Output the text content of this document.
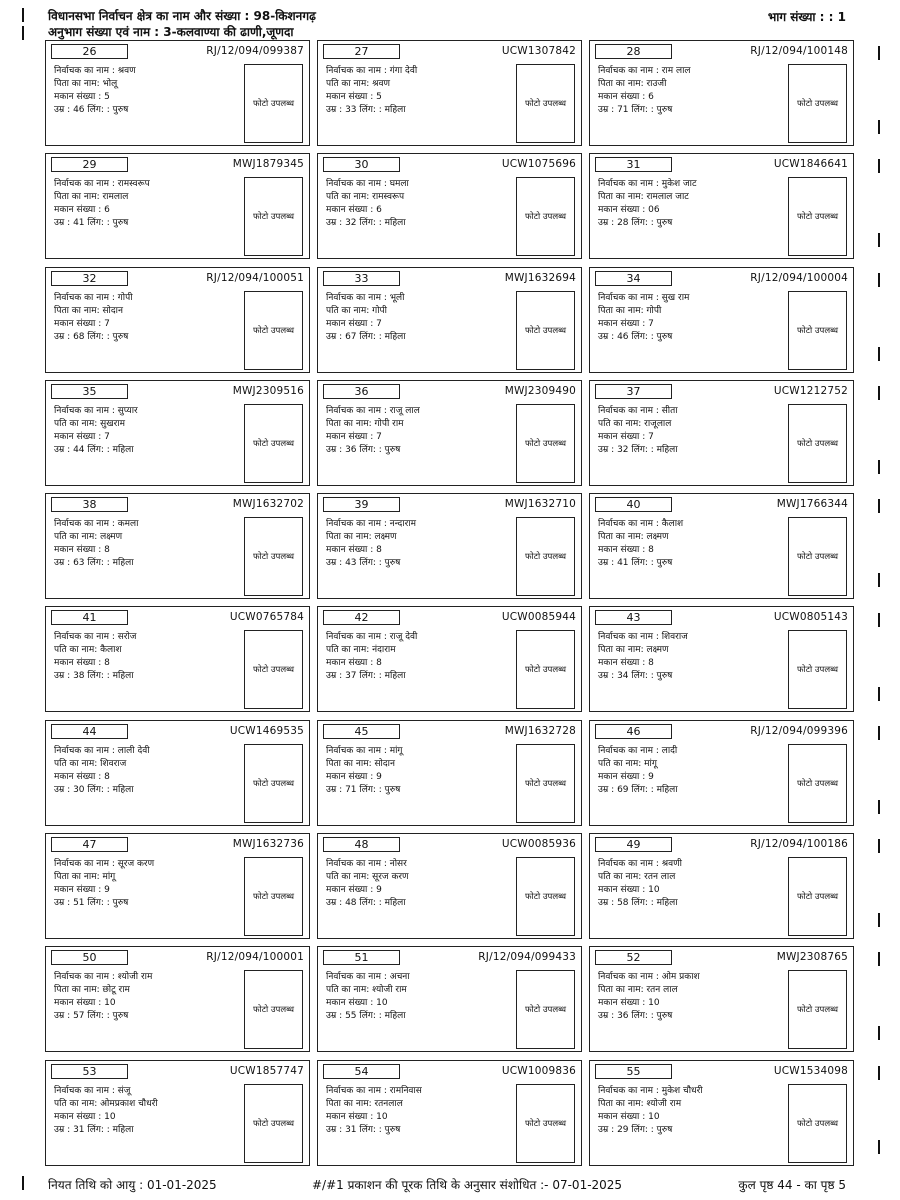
विधानसभा निर्वाचन क्षेत्र का नाम और संख्या : 98-किशनगढ़
अनुभाग संख्या एवं नाम : 3-कलवाण्या की ढाणी,जूणदा
भाग संख्या : : 1
26	RJ/12/094/099387
निर्वाचक का नाम : श्रवण
पिता का नाम: भोलू
मकान संख्या : 5
उम्र : 46 लिंग: : पुरुष
फोटो उपलब्ध
27	UCW1307842
निर्वाचक का नाम : गंगा देवी
पति का नाम: श्रवण
मकान संख्या : 5
उम्र : 33 लिंग: : महिला
फोटो उपलब्ध
28	RJ/12/094/100148
निर्वाचक का नाम : राम लाल
पिता का नाम: राउजी
मकान संख्या : 6
उम्र : 71 लिंग: : पुरुष
फोटो उपलब्ध
29	MWJ1879345
निर्वाचक का नाम : रामस्वरूप
पिता का नाम: रामलाल
मकान संख्या : 6
उम्र : 41 लिंग: : पुरुष
फोटो उपलब्ध
30	UCW1075696
निर्वाचक का नाम : घमला
पति का नाम: रामस्वरूप
मकान संख्या : 6
उम्र : 32 लिंग: : महिला
फोटो उपलब्ध
31	UCW1846641
निर्वाचक का नाम : मुकेश जाट
पिता का नाम: रामलाल जाट
मकान संख्या : 06
उम्र : 28 लिंग: : पुरुष
फोटो उपलब्ध
32	RJ/12/094/100051
निर्वाचक का नाम : गोपी
पिता का नाम: सोदान
मकान संख्या : 7
उम्र : 68 लिंग: : पुरुष
फोटो उपलब्ध
33	MWJ1632694
निर्वाचक का नाम : भूली
पति का नाम: गोपी
मकान संख्या : 7
उम्र : 67 लिंग: : महिला
फोटो उपलब्ध
34	RJ/12/094/100004
निर्वाचक का नाम : सुख राम
पिता का नाम: गोपी
मकान संख्या : 7
उम्र : 46 लिंग: : पुरुष
फोटो उपलब्ध
35	MWJ2309516
निर्वाचक का नाम : सुप्यार
पति का नाम: सुखराम
मकान संख्या : 7
उम्र : 44 लिंग: : महिला
फोटो उपलब्ध
36	MWJ2309490
निर्वाचक का नाम : राजू लाल
पिता का नाम: गोपी राम
मकान संख्या : 7
उम्र : 36 लिंग: : पुरुष
फोटो उपलब्ध
37	UCW1212752
निर्वाचक का नाम : सीता
पति का नाम: राजूलाल
मकान संख्या : 7
उम्र : 32 लिंग: : महिला
फोटो उपलब्ध
38	MWJ1632702
निर्वाचक का नाम : कमला
पति का नाम: लक्ष्मण
मकान संख्या : 8
उम्र : 63 लिंग: : महिला
फोटो उपलब्ध
39	MWJ1632710
निर्वाचक का नाम : नन्दाराम
पिता का नाम: लक्ष्मण
मकान संख्या : 8
उम्र : 43 लिंग: : पुरुष
फोटो उपलब्ध
40	MWJ1766344
निर्वाचक का नाम : कैलाश
पिता का नाम: लक्ष्मण
मकान संख्या : 8
उम्र : 41 लिंग: : पुरुष
फोटो उपलब्ध
41	UCW0765784
निर्वाचक का नाम : सरोज
पति का नाम: कैलाश
मकान संख्या : 8
उम्र : 38 लिंग: : महिला
फोटो उपलब्ध
42	UCW0085944
निर्वाचक का नाम : राजू देवी
पति का नाम: नंदाराम
मकान संख्या : 8
उम्र : 37 लिंग: : महिला
फोटो उपलब्ध
43	UCW0805143
निर्वाचक का नाम : शिवराज
पिता का नाम: लक्ष्मण
मकान संख्या : 8
उम्र : 34 लिंग: : पुरुष
फोटो उपलब्ध
44	UCW1469535
निर्वाचक का नाम : लाली देवी
पति का नाम: शिवराज
मकान संख्या : 8
उम्र : 30 लिंग: : महिला
फोटो उपलब्ध
45	MWJ1632728
निर्वाचक का नाम : मांगू
पिता का नाम: सोदान
मकान संख्या : 9
उम्र : 71 लिंग: : पुरुष
फोटो उपलब्ध
46	RJ/12/094/099396
निर्वाचक का नाम : लादी
पति का नाम: मांगू
मकान संख्या : 9
उम्र : 69 लिंग: : महिला
फोटो उपलब्ध
47	MWJ1632736
निर्वाचक का नाम : सूरज करण
पिता का नाम: मांगू
मकान संख्या : 9
उम्र : 51 लिंग: : पुरुष
फोटो उपलब्ध
48	UCW0085936
निर्वाचक का नाम : नोसर
पति का नाम: सूरज करण
मकान संख्या : 9
उम्र : 48 लिंग: : महिला
फोटो उपलब्ध
49	RJ/12/094/100186
निर्वाचक का नाम : श्रवणी
पति का नाम: रतन लाल
मकान संख्या : 10
उम्र : 58 लिंग: : महिला
फोटो उपलब्ध
50	RJ/12/094/100001
निर्वाचक का नाम : श्योजी राम
पिता का नाम: छोटू राम
मकान संख्या : 10
उम्र : 57 लिंग: : पुरुष
फोटो उपलब्ध
51	RJ/12/094/099433
निर्वाचक का नाम : अचना
पति का नाम: श्योजी राम
मकान संख्या : 10
उम्र : 55 लिंग: : महिला
फोटो उपलब्ध
52	MWJ2308765
निर्वाचक का नाम : ओम प्रकाश
पिता का नाम: रतन लाल
मकान संख्या : 10
उम्र : 36 लिंग: : पुरुष
फोटो उपलब्ध
53	UCW1857747
निर्वाचक का नाम : संजू
पति का नाम: ओमप्रकाश चौधरी
मकान संख्या : 10
उम्र : 31 लिंग: : महिला
फोटो उपलब्ध
54	UCW1009836
निर्वाचक का नाम : रामनिवास
पिता का नाम: रतनलाल
मकान संख्या : 10
उम्र : 31 लिंग: : पुरुष
फोटो उपलब्ध
55	UCW1534098
निर्वाचक का नाम : मुकेश चौधरी
पिता का नाम: श्योजी राम
मकान संख्या : 10
उम्र : 29 लिंग: : पुरुष
फोटो उपलब्ध
नियत तिथि को आयु : 01-01-2025	#/#1 प्रकाशन की पूरक तिथि के अनुसार संशोधित :- 07-01-2025	कुल पृष्ठ 44 - का पृष्ठ 5
